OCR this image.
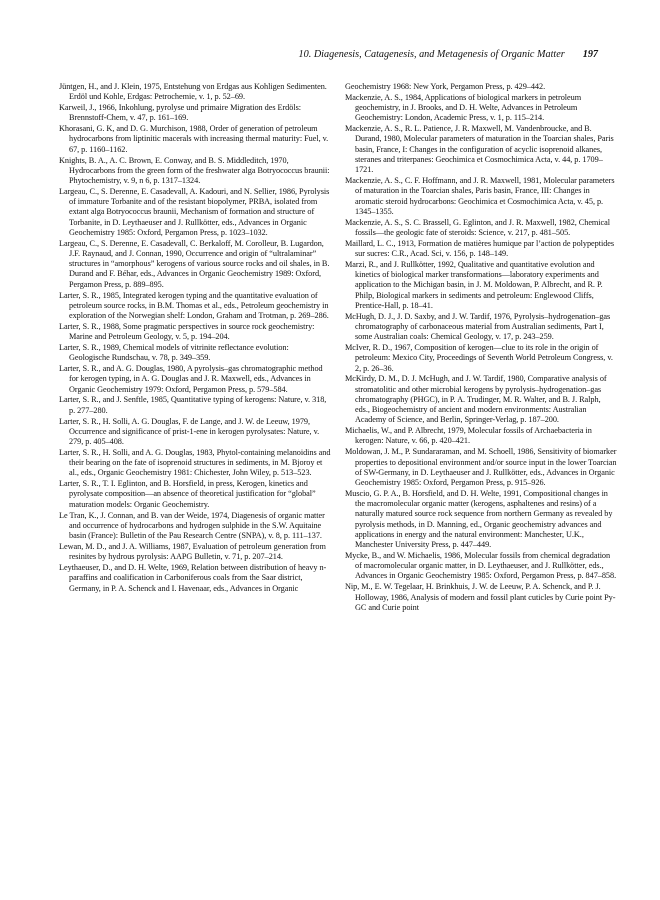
10. Diagenesis, Catagenesis, and Metagenesis of Organic Matter 197

Jüntgen, H., and J. Klein, 1975, Entstehung von Erdgas aus Kohligen Sedimenten. Erdöl und Kohle, Erdgas: Petrochemie, v. 1, p. 52–69.

Karweil, J., 1966, Inkohlung, pyrolyse und primaire Migration des Erdöls: Brennstoff-Chem, v. 47, p. 161–169.

Khorasani, G. K, and D. G. Murchison, 1988, Order of generation of petroleum hydrocarbons from liptinitic macerals with increasing thermal maturity: Fuel, v. 67, p. 1160–1162.

Knights, B. A., A. C. Brown, E. Conway, and B. S. Middleditch, 1970, Hydrocarbons from the green form of the freshwater alga Botryococcus braunii: Phytochemistry, v. 9, n 6, p. 1317–1324.

Largeau, C., S. Derenne, E. Casadevall, A. Kadouri, and N. Sellier, 1986, Pyrolysis of immature Torbanite and of the resistant biopolymer, PRBA, isolated from extant alga Botryococcus braunii, Mechanism of formation and structure of Torbanite, in D. Leythaeuser and J. Rullkötter, eds., Advances in Organic Geochemistry 1985: Oxford, Pergamon Press, p. 1023–1032.

Largeau, C., S. Derenne, E. Casadevall, C. Berkaloff, M. Corolleur, B. Lugardon, J.F. Raynaud, and J. Connan, 1990, Occurrence and origin of “ultralaminar” structures in “amorphous” kerogens of various source rocks and oil shales, in B. Durand and F. Béhar, eds., Advances in Organic Geochemistry 1989: Oxford, Pergamon Press, p. 889–895.

Larter, S. R., 1985, Integrated kerogen typing and the quantitative evaluation of petroleum source rocks, in B.M. Thomas et al., eds., Petroleum geochemistry in exploration of the Norwegian shelf: London, Graham and Trotman, p. 269–286.

Larter, S. R., 1988, Some pragmatic perspectives in source rock geochemistry: Marine and Petroleum Geology, v. 5, p. 194–204.

Larter, S. R., 1989, Chemical models of vitrinite reflectance evolution: Geologische Rundschau, v. 78, p. 349–359.

Larter, S. R., and A. G. Douglas, 1980, A pyrolysis–gas chromatographic method for kerogen typing, in A. G. Douglas and J. R. Maxwell, eds., Advances in Organic Geochemistry 1979: Oxford, Pergamon Press, p. 579–584.

Larter, S. R., and J. Senftle, 1985, Quantitative typing of kerogens: Nature, v. 318, p. 277–280.

Larter, S. R., H. Solli, A. G. Douglas, F. de Lange, and J. W. de Leeuw, 1979, Occurrence and significance of prist-1-ene in kerogen pyrolysates: Nature, v. 279, p. 405–408.

Larter, S. R., H. Solli, and A. G. Douglas, 1983, Phytol-containing melanoidins and their bearing on the fate of isoprenoid structures in sediments, in M. Bjoroy et al., eds., Organic Geochemistry 1981: Chichester, John Wiley, p. 513–523.

Larter, S. R., T. I. Eglinton, and B. Horsfield, in press, Kerogen, kinetics and pyrolysate composition—an absence of theoretical justification for “global” maturation models: Organic Geochemistry.

Le Tran, K., J. Connan, and B. van der Weide, 1974, Diagenesis of organic matter and occurrence of hydrocarbons and hydrogen sulphide in the S.W. Aquitaine basin (France): Bulletin of the Pau Research Centre (SNPA), v. 8, p. 111–137.

Lewan, M. D., and J. A. Williams, 1987, Evaluation of petroleum generation from resinites by hydrous pyrolysis: AAPG Bulletin, v. 71, p. 207–214.

Leythaeuser, D., and D. H. Welte, 1969, Relation between distribution of heavy n-paraffins and coalification in Carboniferous coals from the Saar district, Germany, in P. A. Schenck and I. Havenaar, eds., Advances in Organic

Geochemistry 1968: New York, Pergamon Press, p. 429–442.

Mackenzie, A. S., 1984, Applications of biological markers in petroleum geochemistry, in J. Brooks, and D. H. Welte, Advances in Petroleum Geochemistry: London, Academic Press, v. 1, p. 115–214.

Mackenzie, A. S., R. L. Patience, J. R. Maxwell, M. Vandenbroucke, and B. Durand, 1980, Molecular parameters of maturation in the Toarcian shales, Paris basin, France, I: Changes in the configuration of acyclic isoprenoid alkanes, steranes and triterpanes: Geochimica et Cosmochimica Acta, v. 44, p. 1709–1721.

Mackenzie, A. S., C. F. Hoffmann, and J. R. Maxwell, 1981, Molecular parameters of maturation in the Toarcian shales, Paris basin, France, III: Changes in aromatic steroid hydrocarbons: Geochimica et Cosmochimica Acta, v. 45, p. 1345–1355.

Mackenzie, A. S., S. C. Brassell, G. Eglinton, and J. R. Maxwell, 1982, Chemical fossils—the geologic fate of steroids: Science, v. 217, p. 481–505.

Maillard, L. C., 1913, Formation de matières humique par l’action de polypeptides sur sucres: C.R., Acad. Sci, v. 156, p. 148–149.

Marzi, R., and J. Rullkötter, 1992, Qualitative and quantitative evolution and kinetics of biological marker transformations—laboratory experiments and application to the Michigan basin, in J. M. Moldowan, P. Albrecht, and R. P. Philp, Biological markers in sediments and petroleum: Englewood Cliffs, Prentice-Hall, p. 18–41.

McHugh, D. J., J. D. Saxby, and J. W. Tardif, 1976, Pyrolysis–hydrogenation–gas chromatography of carbonaceous material from Australian sediments, Part I, some Australian coals: Chemical Geology, v. 17, p. 243–259.

McIver, R. D., 1967, Composition of kerogen—clue to its role in the origin of petroleum: Mexico City, Proceedings of Seventh World Petroleum Congress, v. 2, p. 26–36.

McKirdy, D. M., D. J. McHugh, and J. W. Tardif, 1980, Comparative analysis of stromatolitic and other microbial kerogens by pyrolysis–hydrogenation–gas chromatography (PHGC), in P. A. Trudinger, M. R. Walter, and B. J. Ralph, eds., Biogeochemistry of ancient and modern environments: Australian Academy of Science, and Berlin, Springer-Verlag, p. 187–200.

Michaelis, W., and P. Albrecht, 1979, Molecular fossils of Archaebacteria in kerogen: Nature, v. 66, p. 420–421.

Moldowan, J. M., P. Sundararaman, and M. Schoell, 1986, Sensitivity of biomarker properties to depositional environment and/or source input in the lower Toarcian of SW-Germany, in D. Leythaeuser and J. Rullkötter, eds., Advances in Organic Geochemistry 1985: Oxford, Pergamon Press, p. 915–926.

Muscio, G. P. A., B. Horsfield, and D. H. Welte, 1991, Compositional changes in the macromolecular organic matter (kerogens, asphaltenes and resins) of a naturally matured source rock sequence from northern Germany as revealed by pyrolysis methods, in D. Manning, ed., Organic geochemistry advances and applications in energy and the natural environment: Manchester, U.K., Manchester University Press, p. 447–449.

Mycke, B., and W. Michaelis, 1986, Molecular fossils from chemical degradation of macromolecular organic matter, in D. Leythaeuser, and J. Rullkötter, eds., Advances in Organic Geochemistry 1985: Oxford, Pergamon Press, p. 847–858.

Nip, M., E. W. Tegelaar, H. Brinkhuis, J. W. de Leeuw, P. A. Schenck, and P. J. Holloway, 1986, Analysis of modern and fossil plant cuticles by Curie point Py-GC and Curie point
